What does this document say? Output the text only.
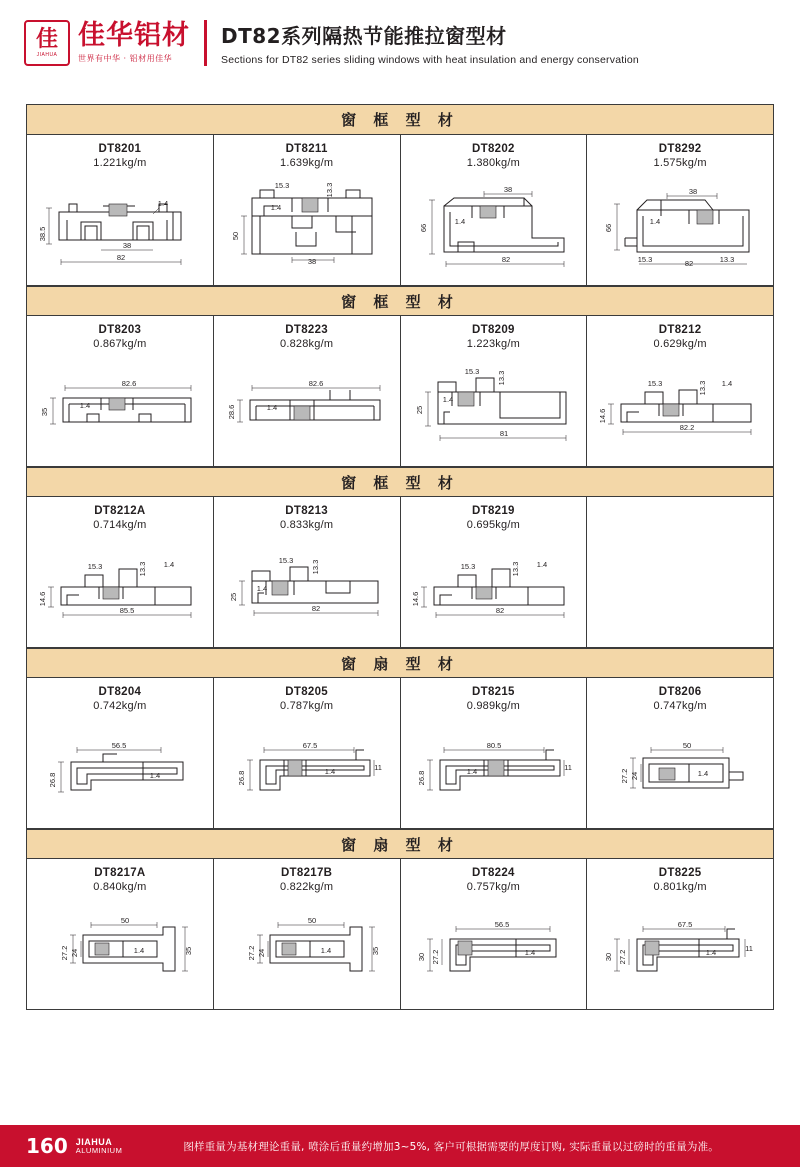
佳
JIAHUA
佳华铝材
世界有中华 · 铝材用佳华
DT82系列隔热节能推拉窗型材
Sections for DT82 series sliding windows with heat insulation and energy conservation
窗 框 型 材
DT8201
1.221kg/m
38.5
38
82
1.4
DT8211
1.639kg/m
50
15.3	13.3
1.4
38
DT8202
1.380kg/m
38
66
1.4
82
DT8292
1.575kg/m
38
66
1.4
15.3	13.3
82
窗 框 型 材
DT8203
0.867kg/m
82.6
35
1.4
DT8223
0.828kg/m
82.6
28.6	1.4
DT8209
1.223kg/m
15.3 13.3
25
1.4
81
DT8212
0.629kg/m
15.3	13.3 1.4
14.6
82.2
窗 框 型 材
DT8212A
0.714kg/m
15.3	13.3 1.4
14.6
85.5
DT8213
0.833kg/m
15.3 13.3
25
1.4
82
DT8219
0.695kg/m
15.3	13.3 1.4
14.6
82
窗 扇 型 材
DT8204
0.742kg/m
56.5
26.8	1.4
DT8205
0.787kg/m
67.5
26.8	1.4	11
DT8215
0.989kg/m
80.5
26.8	1.4	11
DT8206
0.747kg/m
50
27.2 24	1.4
窗 扇 型 材
DT8217A
0.840kg/m
50
27.2 24	1.4	35
DT8217B
0.822kg/m
50
27.2 24	1.4	35
DT8224
0.757kg/m
56.5
30 27.2	1.4
DT8225
0.801kg/m
67.5
30 27.2	1.4	11
160 JIAHUA
ALUMINIUM	图样重量为基材理论重量, 喷涂后重量约增加3~5%, 客户可根据需要的厚度订购, 实际重量以过磅时的重量为准。
